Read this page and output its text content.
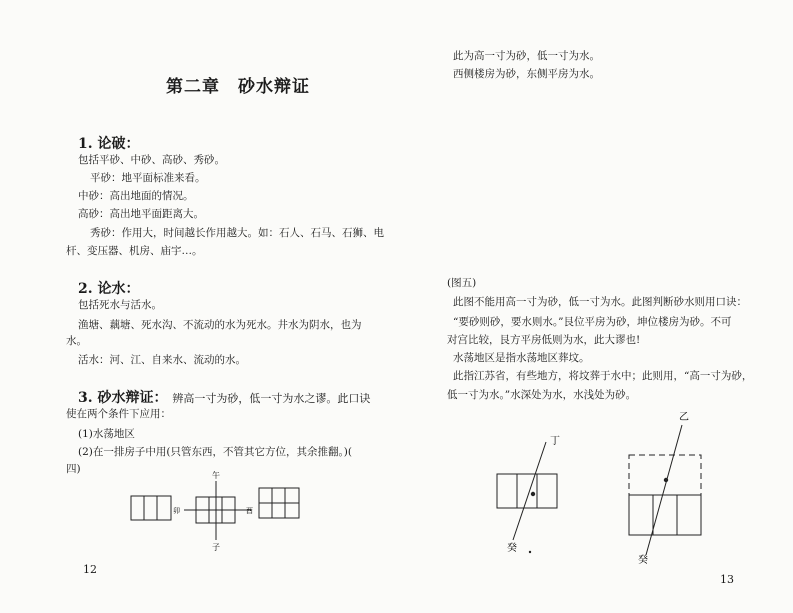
第二章　砂水辩证
1. 论破：
包括平砂、中砂、高砂、秀砂。
平砂：地平面标准来看。
中砂：高出地面的情况。
高砂：高出地平面距离大。
秀砂：作用大，时间越长作用越大。如：石人、石马、石狮、电
杆、变压器、机房、庙宇…。
2. 论水：
包括死水与活水。
渔塘、藕塘、死水沟、不流动的水为死水。井水为阴水，也为
水。
活水：河、江、自来水、流动的水。
3. 砂水辩证： 辨高一寸为砂，低一寸为水之谬。此口诀
使在两个条件下应用：
(1)水荡地区
(2)在一排房子中用(只管东西，不管其它方位，其余推翻。)(
四)
午
子
卯	酉
12
此为高一寸为砂，低一寸为水。
西侧楼房为砂，东侧平房为水。
(图五)
此图不能用高一寸为砂，低一寸为水。此图判断砂水则用口诀：
“要砂则砂，要水则水。”艮位平房为砂，坤位楼房为砂。不可
对宫比较，艮方平房低则为水，此大谬也!
水荡地区是指水荡地区葬坟。
此指江苏省，有些地方，将坟葬于水中；此则用，“高一寸为砂，
低一寸为水。”水深处为水，水浅处为砂。
丁
癸
乙
癸
13
